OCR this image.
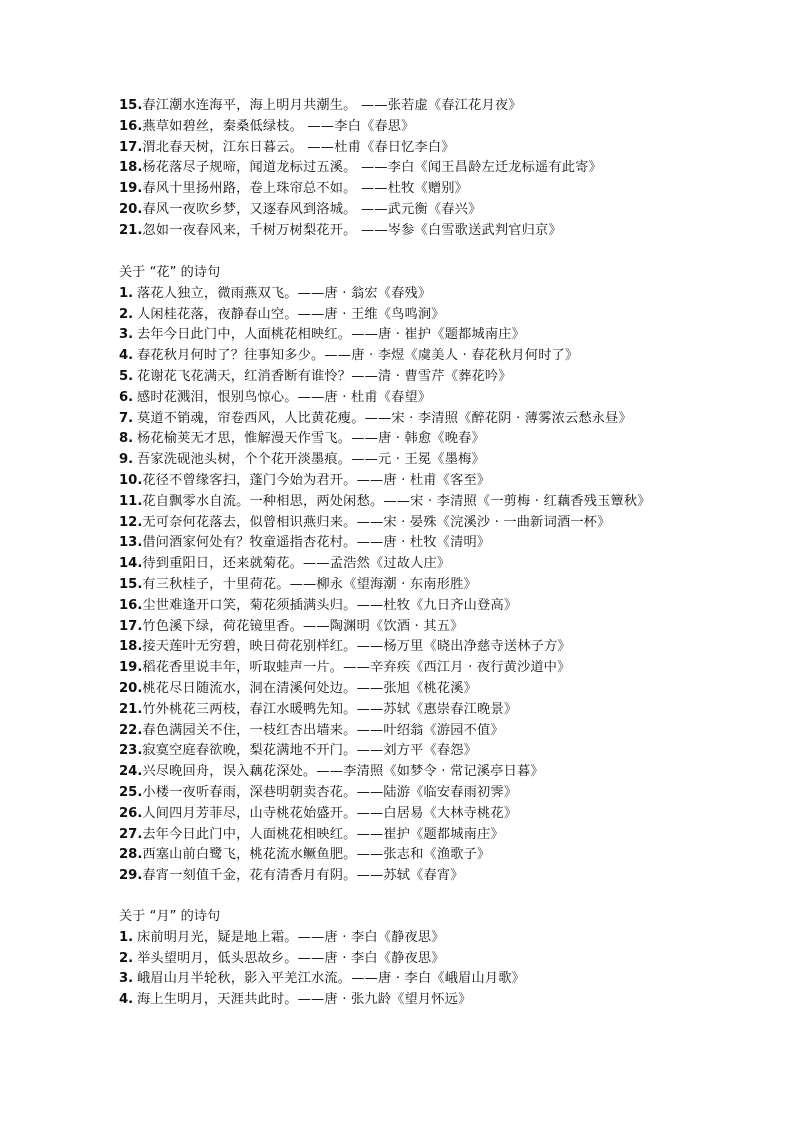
15.春江潮水连海平，海上明月共潮生。 ——张若虚《春江花月夜》
16.燕草如碧丝，秦桑低绿枝。 ——李白《春思》
17.渭北春天树，江东日暮云。 ——杜甫《春日忆李白》
18.杨花落尽子规啼，闻道龙标过五溪。 ——李白《闻王昌龄左迁龙标遥有此寄》
19.春风十里扬州路，卷上珠帘总不如。 ——杜牧《赠别》
20.春风一夜吹乡梦，又逐春风到洛城。 ——武元衡《春兴》
21.忽如一夜春风来，千树万树梨花开。 ——岑参《白雪歌送武判官归京》
关于 “花” 的诗句
1. 落花人独立，微雨燕双飞。——唐 · 翁宏《春残》
2. 人闲桂花落，夜静春山空。——唐 · 王维《鸟鸣涧》
3. 去年今日此门中，人面桃花相映红。——唐 · 崔护《题都城南庄》
4. 春花秋月何时了？往事知多少。——唐 · 李煜《虞美人 · 春花秋月何时了》
5. 花谢花飞花满天，红消香断有谁怜？——清 · 曹雪芹《葬花吟》
6. 感时花溅泪，恨别鸟惊心。——唐 · 杜甫《春望》
7. 莫道不销魂，帘卷西风，人比黄花瘦。——宋 · 李清照《醉花阴 · 薄雾浓云愁永昼》
8. 杨花榆荚无才思，惟解漫天作雪飞。——唐 · 韩愈《晚春》
9. 吾家洗砚池头树，个个花开淡墨痕。——元 · 王冕《墨梅》
10.花径不曾缘客扫，蓬门今始为君开。——唐 · 杜甫《客至》
11.花自飘零水自流。一种相思，两处闲愁。——宋 · 李清照《一剪梅 · 红藕香残玉簟秋》
12.无可奈何花落去，似曾相识燕归来。——宋 · 晏殊《浣溪沙 · 一曲新词酒一杯》
13.借问酒家何处有？牧童遥指杏花村。——唐 · 杜牧《清明》
14.待到重阳日，还来就菊花。——孟浩然《过故人庄》
15.有三秋桂子，十里荷花。——柳永《望海潮 · 东南形胜》
16.尘世难逢开口笑，菊花须插满头归。——杜牧《九日齐山登高》
17.竹色溪下绿，荷花镜里香。——陶渊明《饮酒 · 其五》
18.接天莲叶无穷碧，映日荷花别样红。——杨万里《晓出净慈寺送林子方》
19.稻花香里说丰年，听取蛙声一片。——辛弃疾《西江月 · 夜行黄沙道中》
20.桃花尽日随流水，洞在清溪何处边。——张旭《桃花溪》
21.竹外桃花三两枝，春江水暖鸭先知。——苏轼《惠崇春江晚景》
22.春色满园关不住，一枝红杏出墙来。——叶绍翁《游园不值》
23.寂寞空庭春欲晚，梨花满地不开门。——刘方平《春怨》
24.兴尽晚回舟，误入藕花深处。——李清照《如梦令 · 常记溪亭日暮》
25.小楼一夜听春雨，深巷明朝卖杏花。——陆游《临安春雨初霁》
26.人间四月芳菲尽，山寺桃花始盛开。——白居易《大林寺桃花》
27.去年今日此门中，人面桃花相映红。——崔护《题都城南庄》
28.西塞山前白鹭飞，桃花流水鳜鱼肥。——张志和《渔歌子》
29.春宵一刻值千金，花有清香月有阴。——苏轼《春宵》
关于 “月” 的诗句
1. 床前明月光，疑是地上霜。——唐 · 李白《静夜思》
2. 举头望明月，低头思故乡。——唐 · 李白《静夜思》
3. 峨眉山月半轮秋，影入平羌江水流。——唐 · 李白《峨眉山月歌》
4. 海上生明月，天涯共此时。——唐 · 张九龄《望月怀远》
